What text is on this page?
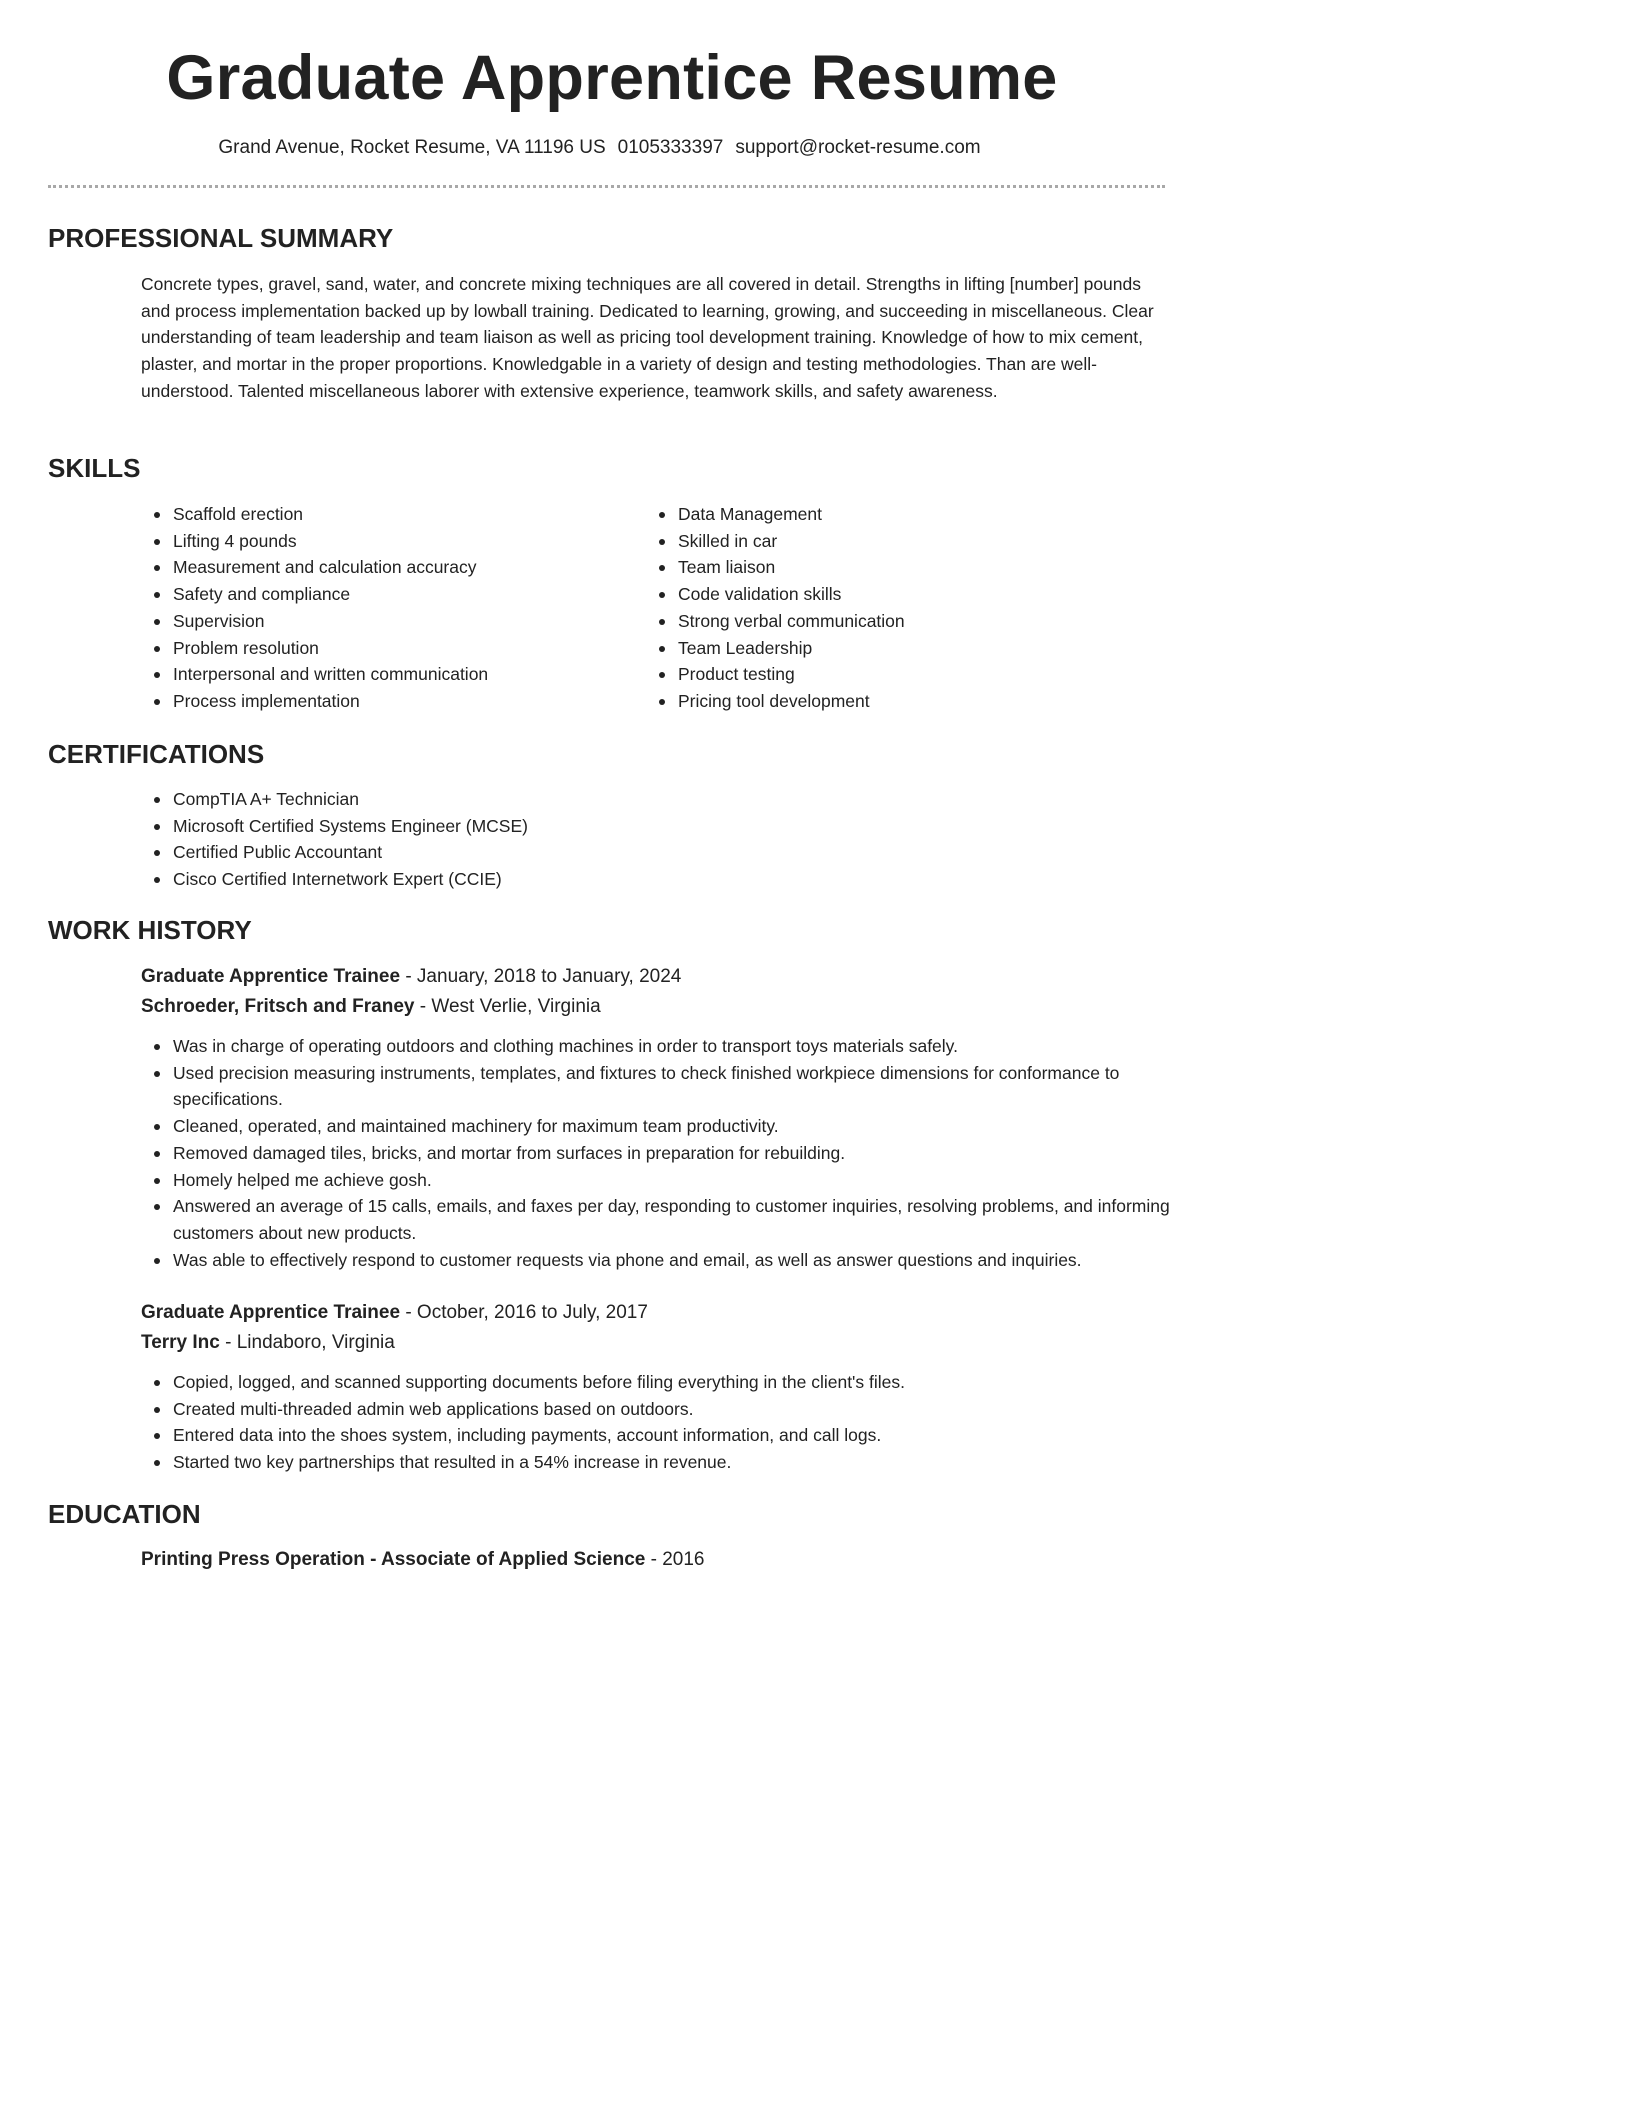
Graduate Apprentice Resume
Grand Avenue, Rocket Resume, VA 11196 US 0105333397 support@rocket-resume.com
PROFESSIONAL SUMMARY
Concrete types, gravel, sand, water, and concrete mixing techniques are all covered in detail. Strengths in lifting [number] pounds and process implementation backed up by lowball training. Dedicated to learning, growing, and succeeding in miscellaneous. Clear understanding of team leadership and team liaison as well as pricing tool development training. Knowledge of how to mix cement, plaster, and mortar in the proper proportions. Knowledgable in a variety of design and testing methodologies. Than are well-understood. Talented miscellaneous laborer with extensive experience, teamwork skills, and safety awareness.
SKILLS
Scaffold erection
Lifting 4 pounds
Measurement and calculation accuracy
Safety and compliance
Supervision
Problem resolution
Interpersonal and written communication
Process implementation
Data Management
Skilled in car
Team liaison
Code validation skills
Strong verbal communication
Team Leadership
Product testing
Pricing tool development
CERTIFICATIONS
CompTIA A+ Technician
Microsoft Certified Systems Engineer (MCSE)
Certified Public Accountant
Cisco Certified Internetwork Expert (CCIE)
WORK HISTORY
Graduate Apprentice Trainee - January, 2018 to January, 2024
Schroeder, Fritsch and Franey - West Verlie, Virginia
Was in charge of operating outdoors and clothing machines in order to transport toys materials safely.
Used precision measuring instruments, templates, and fixtures to check finished workpiece dimensions for conformance to specifications.
Cleaned, operated, and maintained machinery for maximum team productivity.
Removed damaged tiles, bricks, and mortar from surfaces in preparation for rebuilding.
Homely helped me achieve gosh.
Answered an average of 15 calls, emails, and faxes per day, responding to customer inquiries, resolving problems, and informing customers about new products.
Was able to effectively respond to customer requests via phone and email, as well as answer questions and inquiries.
Graduate Apprentice Trainee - October, 2016 to July, 2017
Terry Inc - Lindaboro, Virginia
Copied, logged, and scanned supporting documents before filing everything in the client's files.
Created multi-threaded admin web applications based on outdoors.
Entered data into the shoes system, including payments, account information, and call logs.
Started two key partnerships that resulted in a 54% increase in revenue.
EDUCATION
Printing Press Operation - Associate of Applied Science - 2016
